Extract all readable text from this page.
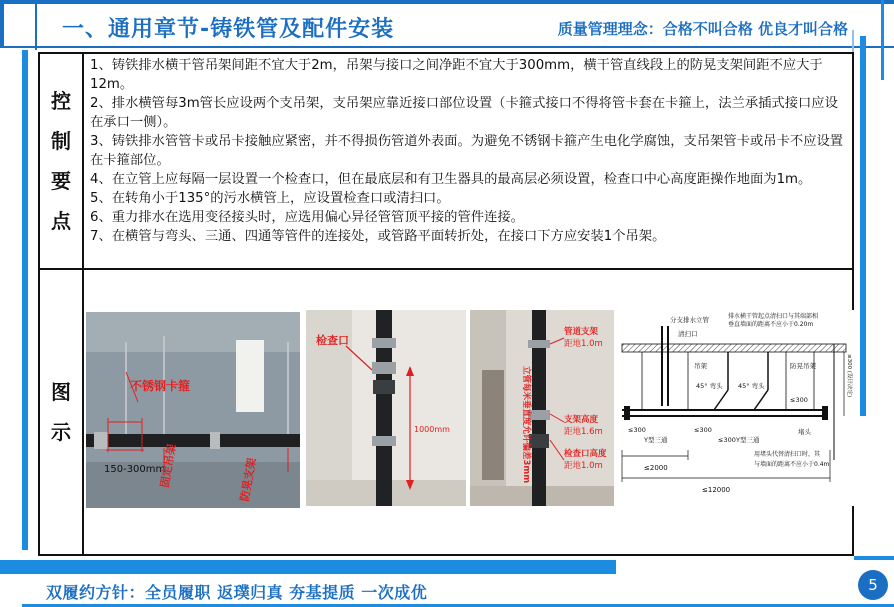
一、通用章节-铸铁管及配件安装	质量管理理念：合格不叫合格 优良才叫合格
控
制
要
点

1、铸铁排水横干管吊架间距不宜大于2m，吊架与接口之间净距不宜大于300mm，横干管直线段上的防晃支架间距不应大于12m。

2、排水横管每3m管长应设两个支吊架，支吊架应靠近接口部位设置（卡箍式接口不得将管卡套在卡箍上，法兰承插式接口应设在承口一侧）。

3、铸铁排水管管卡或吊卡接触应紧密，并不得损伤管道外表面。为避免不锈钢卡箍产生电化学腐蚀，支吊架管卡或吊卡不应设置在卡箍部位。

4、在立管上应每隔一层设置一个检查口，但在最底层和有卫生器具的最高层必须设置，检查口中心高度距操作地面为1m。

5、在转角小于135°的污水横管上，应设置检查口或清扫口。

6、重力排水在选用变径接头时，应选用偏心异径管管顶平接的管件连接。

7、在横管与弯头、三通、四通等管件的连接处，或管路平面转折处，在接口下方应安装1个吊架。

图
示
不锈钢卡箍
150-300mm
固定吊架	防晃支架
检查口
1000mm	立管每米垂直度允许偏差3mm
管道支架
距地1.0m
支架高度
距地1.6m
检查口高度
距地1.0m
分支排水立管	排水横干管起点清扫口与其端部相
垂直墙面的距离不应小于0.20m
清扫口
吊架	防晃吊架
45° 弯头 45° 弯头
≤300	≤300
≤300
≤300
Y型三通	Y型三通
堵头
≤2000
≤12000
≤300 (设计决定)
用堵头代替清扫口时，其
与墙面的距离不应小于0.4m
双履约方针：全员履职 返璞归真 夯基提质 一次成优	5
